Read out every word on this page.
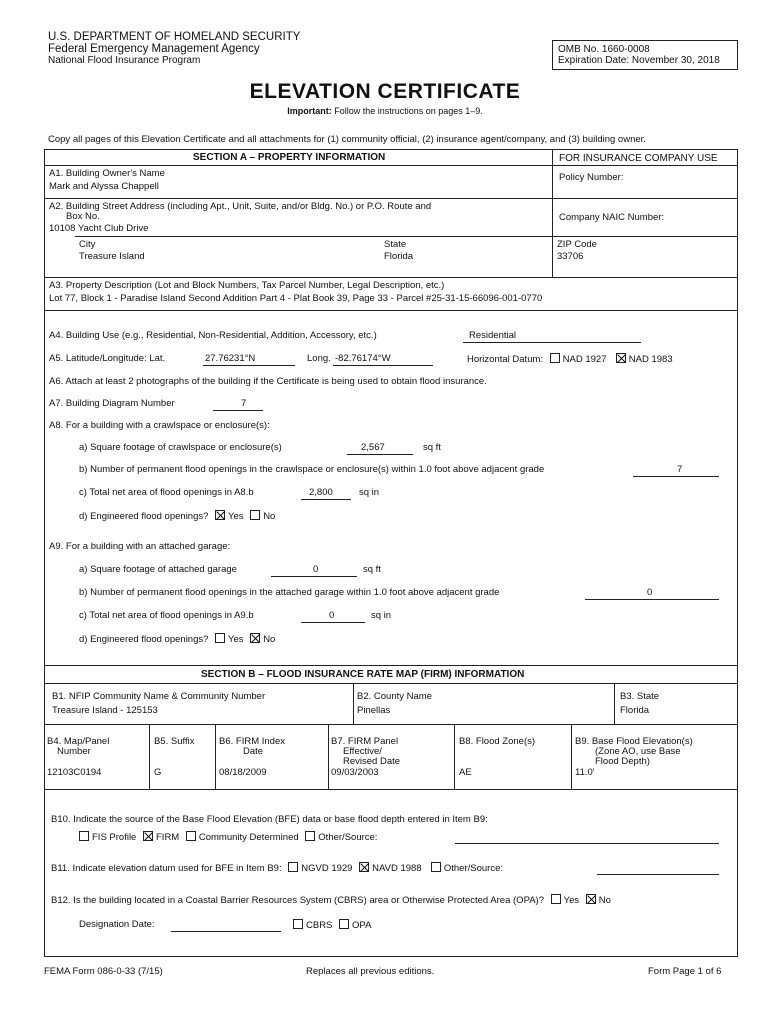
U.S. DEPARTMENT OF HOMELAND SECURITY
Federal Emergency Management Agency
National Flood Insurance Program
OMB No. 1660-0008
Expiration Date: November 30, 2018
ELEVATION CERTIFICATE
Important: Follow the instructions on pages 1–9.
Copy all pages of this Elevation Certificate and all attachments for (1) community official, (2) insurance agent/company, and (3) building owner.
SECTION A – PROPERTY INFORMATION	FOR INSURANCE COMPANY USE
A1. Building Owner's Name
Mark and Alyssa Chappell
Policy Number:
A2. Building Street Address (including Apt., Unit, Suite, and/or Bldg. No.) or P.O. Route and
Box No.
10108 Yacht Club Drive
Company NAIC Number:
City
Treasure Island
State
Florida
ZIP Code
33706
A3. Property Description (Lot and Block Numbers, Tax Parcel Number, Legal Description, etc.)
Lot 77, Block 1 - Paradise Island Second Addition Part 4 - Plat Book 39, Page 33 - Parcel #25-31-15-66096-001-0770
A4. Building Use (e.g., Residential, Non-Residential, Addition, Accessory, etc.)	Residential
A5. Latitude/Longitude: Lat.	27.76231°N	Long. -82.76174°W	Horizontal Datum: NAD 1927 NAD 1983
A6. Attach at least 2 photographs of the building if the Certificate is being used to obtain flood insurance.
A7. Building Diagram Number	7
A8. For a building with a crawlspace or enclosure(s):
a) Square footage of crawlspace or enclosure(s)	2,567	sq ft
b) Number of permanent flood openings in the crawlspace or enclosure(s) within 1.0 foot above adjacent grade	7
c) Total net area of flood openings in A8.b	2,800	sq in
d) Engineered flood openings? Yes No
A9. For a building with an attached garage:
a) Square footage of attached garage	0	sq ft
b) Number of permanent flood openings in the attached garage within 1.0 foot above adjacent grade	0
c) Total net area of flood openings in A9.b	0	sq in
d) Engineered flood openings? Yes No
SECTION B – FLOOD INSURANCE RATE MAP (FIRM) INFORMATION
B1. NFIP Community Name & Community Number
Treasure Island - 125153
B2. County Name
Pinellas
B3. State
Florida
B4. Map/Panel
Number
12103C0194
B5. Suffix
G
B6. FIRM Index
Date
08/18/2009
B7. FIRM Panel
Effective/
Revised Date
09/03/2003
B8. Flood Zone(s)
AE
B9. Base Flood Elevation(s)
(Zone AO, use Base
Flood Depth)
11.0'
B10. Indicate the source of the Base Flood Elevation (BFE) data or base flood depth entered in Item B9:
FIS Profile FIRM Community Determined Other/Source:
B11. Indicate elevation datum used for BFE in Item B9: NGVD 1929 NAVD 1988 Other/Source:
B12. Is the building located in a Coastal Barrier Resources System (CBRS) area or Otherwise Protected Area (OPA)? Yes No
Designation Date:	CBRS OPA
FEMA Form 086-0-33 (7/15)	Replaces all previous editions.	Form Page 1 of 6
